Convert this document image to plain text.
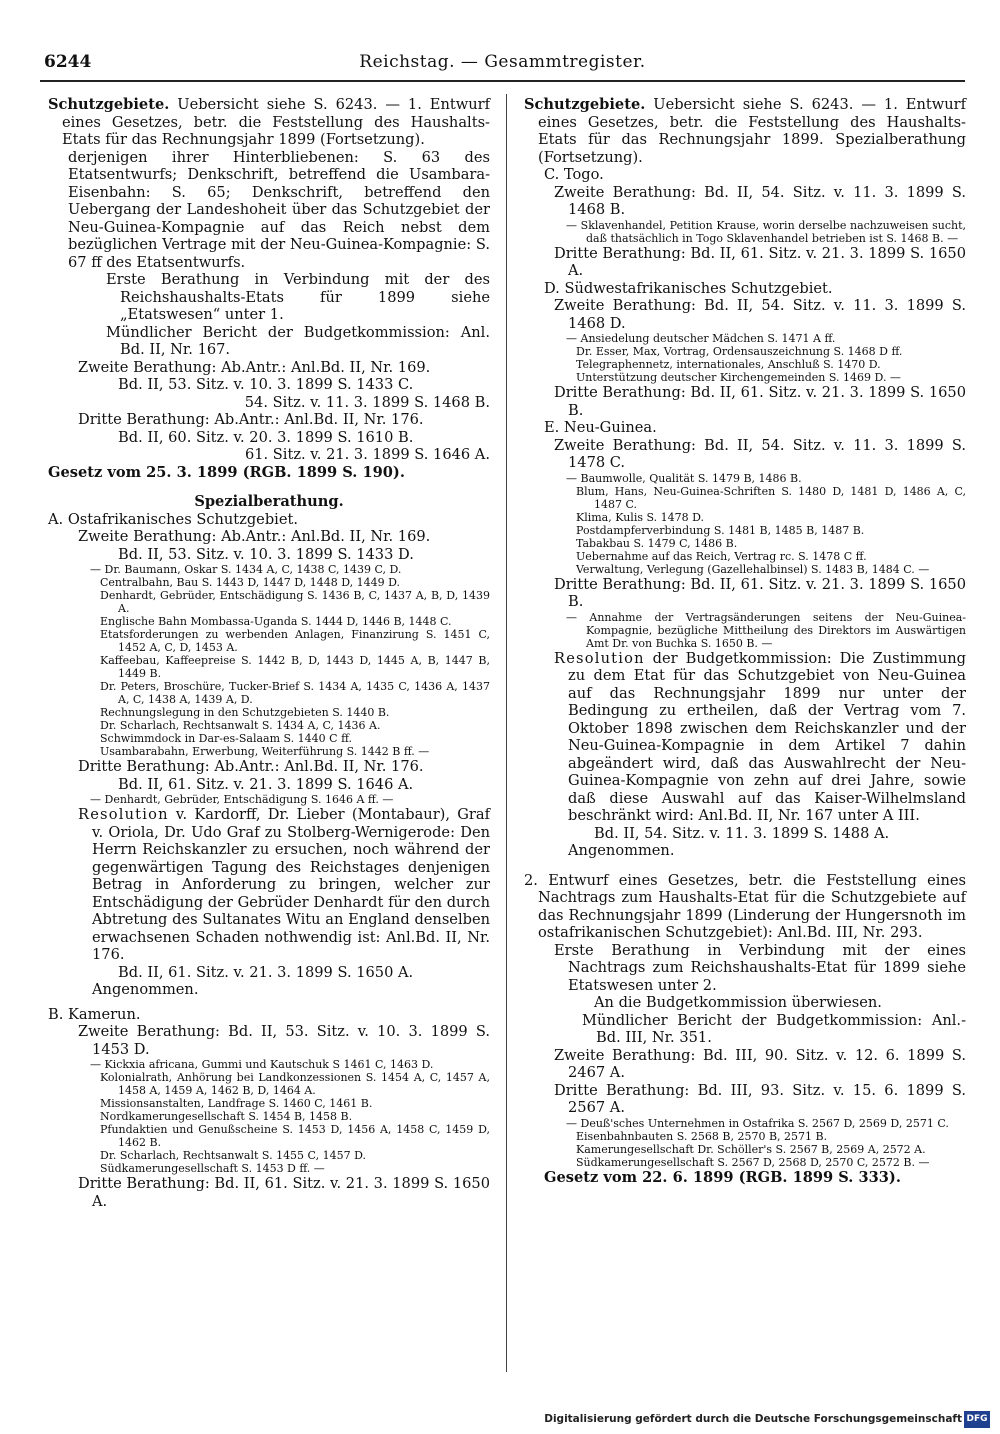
6244	Reichstag. — Gesammtregister.
Schutzgebiete. Uebersicht siehe S. 6243. — 1. Entwurf eines Gesetzes, betr. die Feststellung des Haushalts-Etats für das Rechnungsjahr 1899 (Fortsetzung).
derjenigen ihrer Hinterbliebenen: S. 63 des Etatsentwurfs; Denkschrift, betreffend die Usambara-Eisenbahn: S. 65; Denkschrift, betreffend den Uebergang der Landeshoheit über das Schutzgebiet der Neu-Guinea-Kompagnie auf das Reich nebst dem bezüglichen Vertrage mit der Neu-Guinea-Kompagnie: S. 67 ff des Etatsentwurfs.
Erste Berathung in Verbindung mit der des Reichshaushalts-Etats für 1899 siehe „Etatswesen“ unter 1.
Mündlicher Bericht der Budgetkommission: Anl. Bd. II, Nr. 167.
Zweite Berathung: Ab.Antr.: Anl.Bd. II, Nr. 169.
Bd. II, 53. Sitz. v. 10. 3. 1899 S. 1433 C.
54. Sitz. v. 11. 3. 1899 S. 1468 B.
Dritte Berathung: Ab.Antr.: Anl.Bd. II, Nr. 176.
Bd. II, 60. Sitz. v. 20. 3. 1899 S. 1610 B.
61. Sitz. v. 21. 3. 1899 S. 1646 A.
Gesetz vom 25. 3. 1899 (RGB. 1899 S. 190).
Spezialberathung.
A. Ostafrikanisches Schutzgebiet.
Zweite Berathung: Ab.Antr.: Anl.Bd. II, Nr. 169.
Bd. II, 53. Sitz. v. 10. 3. 1899 S. 1433 D.
— Dr. Baumann, Oskar S. 1434 A, C, 1438 C, 1439 C, D.
Centralbahn, Bau S. 1443 D, 1447 D, 1448 D, 1449 D.
Denhardt, Gebrüder, Entschädigung S. 1436 B, C, 1437 A, B, D, 1439 A.
Englische Bahn Mombassa-Uganda S. 1444 D, 1446 B, 1448 C.
Etatsforderungen zu werbenden Anlagen, Finanzirung S. 1451 C, 1452 A, C, D, 1453 A.
Kaffeebau, Kaffeepreise S. 1442 B, D, 1443 D, 1445 A, B, 1447 B, 1449 B.
Dr. Peters, Broschüre, Tucker-Brief S. 1434 A, 1435 C, 1436 A, 1437 A, C, 1438 A, 1439 A, D.
Rechnungslegung in den Schutzgebieten S. 1440 B.
Dr. Scharlach, Rechtsanwalt S. 1434 A, C, 1436 A.
Schwimmdock in Dar-es-Salaam S. 1440 C ff.
Usambarabahn, Erwerbung, Weiterführung S. 1442 B ff. —
Dritte Berathung: Ab.Antr.: Anl.Bd. II, Nr. 176.
Bd. II, 61. Sitz. v. 21. 3. 1899 S. 1646 A.
— Denhardt, Gebrüder, Entschädigung S. 1646 A ff. —
Resolution v. Kardorff, Dr. Lieber (Montabaur), Graf v. Oriola, Dr. Udo Graf zu Stolberg-Wernigerode: Den Herrn Reichskanzler zu ersuchen, noch während der gegenwärtigen Tagung des Reichstages denjenigen Betrag in Anforderung zu bringen, welcher zur Entschädigung der Gebrüder Denhardt für den durch Abtretung des Sultanates Witu an England denselben erwachsenen Schaden nothwendig ist: Anl.Bd. II, Nr. 176.
Bd. II, 61. Sitz. v. 21. 3. 1899 S. 1650 A.
Angenommen.
B. Kamerun.
Zweite Berathung: Bd. II, 53. Sitz. v. 10. 3. 1899 S. 1453 D.
— Kickxia africana, Gummi und Kautschuk S 1461 C, 1463 D.
Kolonialrath, Anhörung bei Landkonzessionen S. 1454 A, C, 1457 A, 1458 A, 1459 A, 1462 B, D, 1464 A.
Missionsanstalten, Landfrage S. 1460 C, 1461 B.
Nordkamerungesellschaft S. 1454 B, 1458 B.
Pfundaktien und Genußscheine S. 1453 D, 1456 A, 1458 C, 1459 D, 1462 B.
Dr. Scharlach, Rechtsanwalt S. 1455 C, 1457 D.
Südkamerungesellschaft S. 1453 D ff. —
Dritte Berathung: Bd. II, 61. Sitz. v. 21. 3. 1899 S. 1650 A.
Schutzgebiete. Uebersicht siehe S. 6243. — 1. Entwurf eines Gesetzes, betr. die Feststellung des Haushalts-Etats für das Rechnungsjahr 1899. Spezialberathung (Fortsetzung).
C. Togo.
Zweite Berathung: Bd. II, 54. Sitz. v. 11. 3. 1899 S. 1468 B.
— Sklavenhandel, Petition Krause, worin derselbe nachzuweisen sucht, daß thatsächlich in Togo Sklavenhandel betrieben ist S. 1468 B. —
Dritte Berathung: Bd. II, 61. Sitz. v. 21. 3. 1899 S. 1650 A.
D. Südwestafrikanisches Schutzgebiet.
Zweite Berathung: Bd. II, 54. Sitz. v. 11. 3. 1899 S. 1468 D.
— Ansiedelung deutscher Mädchen S. 1471 A ff.
Dr. Esser, Max, Vortrag, Ordensauszeichnung S. 1468 D ff.
Telegraphennetz, internationales, Anschluß S. 1470 D.
Unterstützung deutscher Kirchengemeinden S. 1469 D. —
Dritte Berathung: Bd. II, 61. Sitz. v. 21. 3. 1899 S. 1650 B.
E. Neu-Guinea.
Zweite Berathung: Bd. II, 54. Sitz. v. 11. 3. 1899 S. 1478 C.
— Baumwolle, Qualität S. 1479 B, 1486 B.
Blum, Hans, Neu-Guinea-Schriften S. 1480 D, 1481 D, 1486 A, C, 1487 C.
Klima, Kulis S. 1478 D.
Postdampferverbindung S. 1481 B, 1485 B, 1487 B.
Tabakbau S. 1479 C, 1486 B.
Uebernahme auf das Reich, Vertrag rc. S. 1478 C ff.
Verwaltung, Verlegung (Gazellehalbinsel) S. 1483 B, 1484 C. —
Dritte Berathung: Bd. II, 61. Sitz. v. 21. 3. 1899 S. 1650 B.
— Annahme der Vertragsänderungen seitens der Neu-Guinea-Kompagnie, bezügliche Mittheilung des Direktors im Auswärtigen Amt Dr. von Buchka S. 1650 B. —
Resolution der Budgetkommission: Die Zustimmung zu dem Etat für das Schutzgebiet von Neu-Guinea auf das Rechnungsjahr 1899 nur unter der Bedingung zu ertheilen, daß der Vertrag vom 7. Oktober 1898 zwischen dem Reichskanzler und der Neu-Guinea-Kompagnie in dem Artikel 7 dahin abgeändert wird, daß das Auswahlrecht der Neu-Guinea-Kompagnie von zehn auf drei Jahre, sowie daß diese Auswahl auf das Kaiser-Wilhelmsland beschränkt wird: Anl.Bd. II, Nr. 167 unter A III.
Bd. II, 54. Sitz. v. 11. 3. 1899 S. 1488 A.
Angenommen.
2. Entwurf eines Gesetzes, betr. die Feststellung eines Nachtrags zum Haushalts-Etat für die Schutzgebiete auf das Rechnungsjahr 1899 (Linderung der Hungersnoth im ostafrikanischen Schutzgebiet): Anl.Bd. III, Nr. 293.
Erste Berathung in Verbindung mit der eines Nachtrags zum Reichshaushalts-Etat für 1899 siehe Etatswesen unter 2.
An die Budgetkommission überwiesen.
Mündlicher Bericht der Budgetkommission: Anl.-Bd. III, Nr. 351.
Zweite Berathung: Bd. III, 90. Sitz. v. 12. 6. 1899 S. 2467 A.
Dritte Berathung: Bd. III, 93. Sitz. v. 15. 6. 1899 S. 2567 A.
— Deuß'sches Unternehmen in Ostafrika S. 2567 D, 2569 D, 2571 C.
Eisenbahnbauten S. 2568 B, 2570 B, 2571 B.
Kamerungesellschaft Dr. Schöller's S. 2567 B, 2569 A, 2572 A.
Südkamerungesellschaft S. 2567 D, 2568 D, 2570 C, 2572 B. —
Gesetz vom 22. 6. 1899 (RGB. 1899 S. 333).
Digitalisierung gefördert durch die Deutsche Forschungsgemeinschaft DFG
